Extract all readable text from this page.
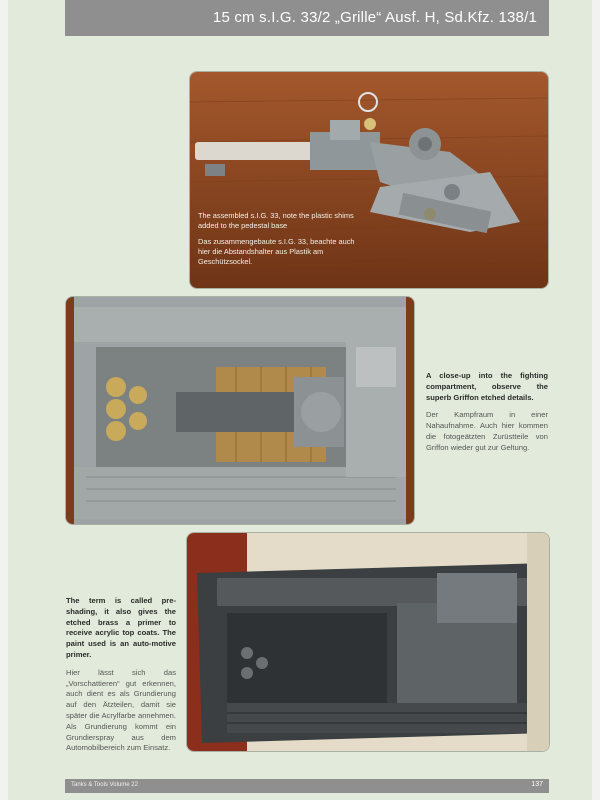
15 cm s.I.G. 33/2 „Grille“ Ausf. H, Sd.Kfz. 138/1

The assembled s.I.G. 33, note the plastic shims added to the pedestal base

Das zusammengebaute s.I.G. 33, beachte auch hier die Abstandshalter aus Plastik am Geschützsockel.

A close-up into the fighting compartment, observe the superb Griffon etched details.

Der Kampfraum in einer Nahaufnahme. Auch hier kommen die fotogeätzten Zurüstteile von Griffon wieder gut zur Geltung.

The term is called pre-shading, it also gives the etched brass a primer to receive acrylic top coats. The paint used is an auto-motive primer.

Hier lässt sich das „Vorschattieren“ gut erkennen, auch dient es als Grundierung auf den Ätzteilen, damit sie später die Acrylfarbe annehmen. Als Grundierung kommt ein Grundierspray aus dem Automobilbereich zum Einsatz.

Tanks & Tools Volume 22	137
